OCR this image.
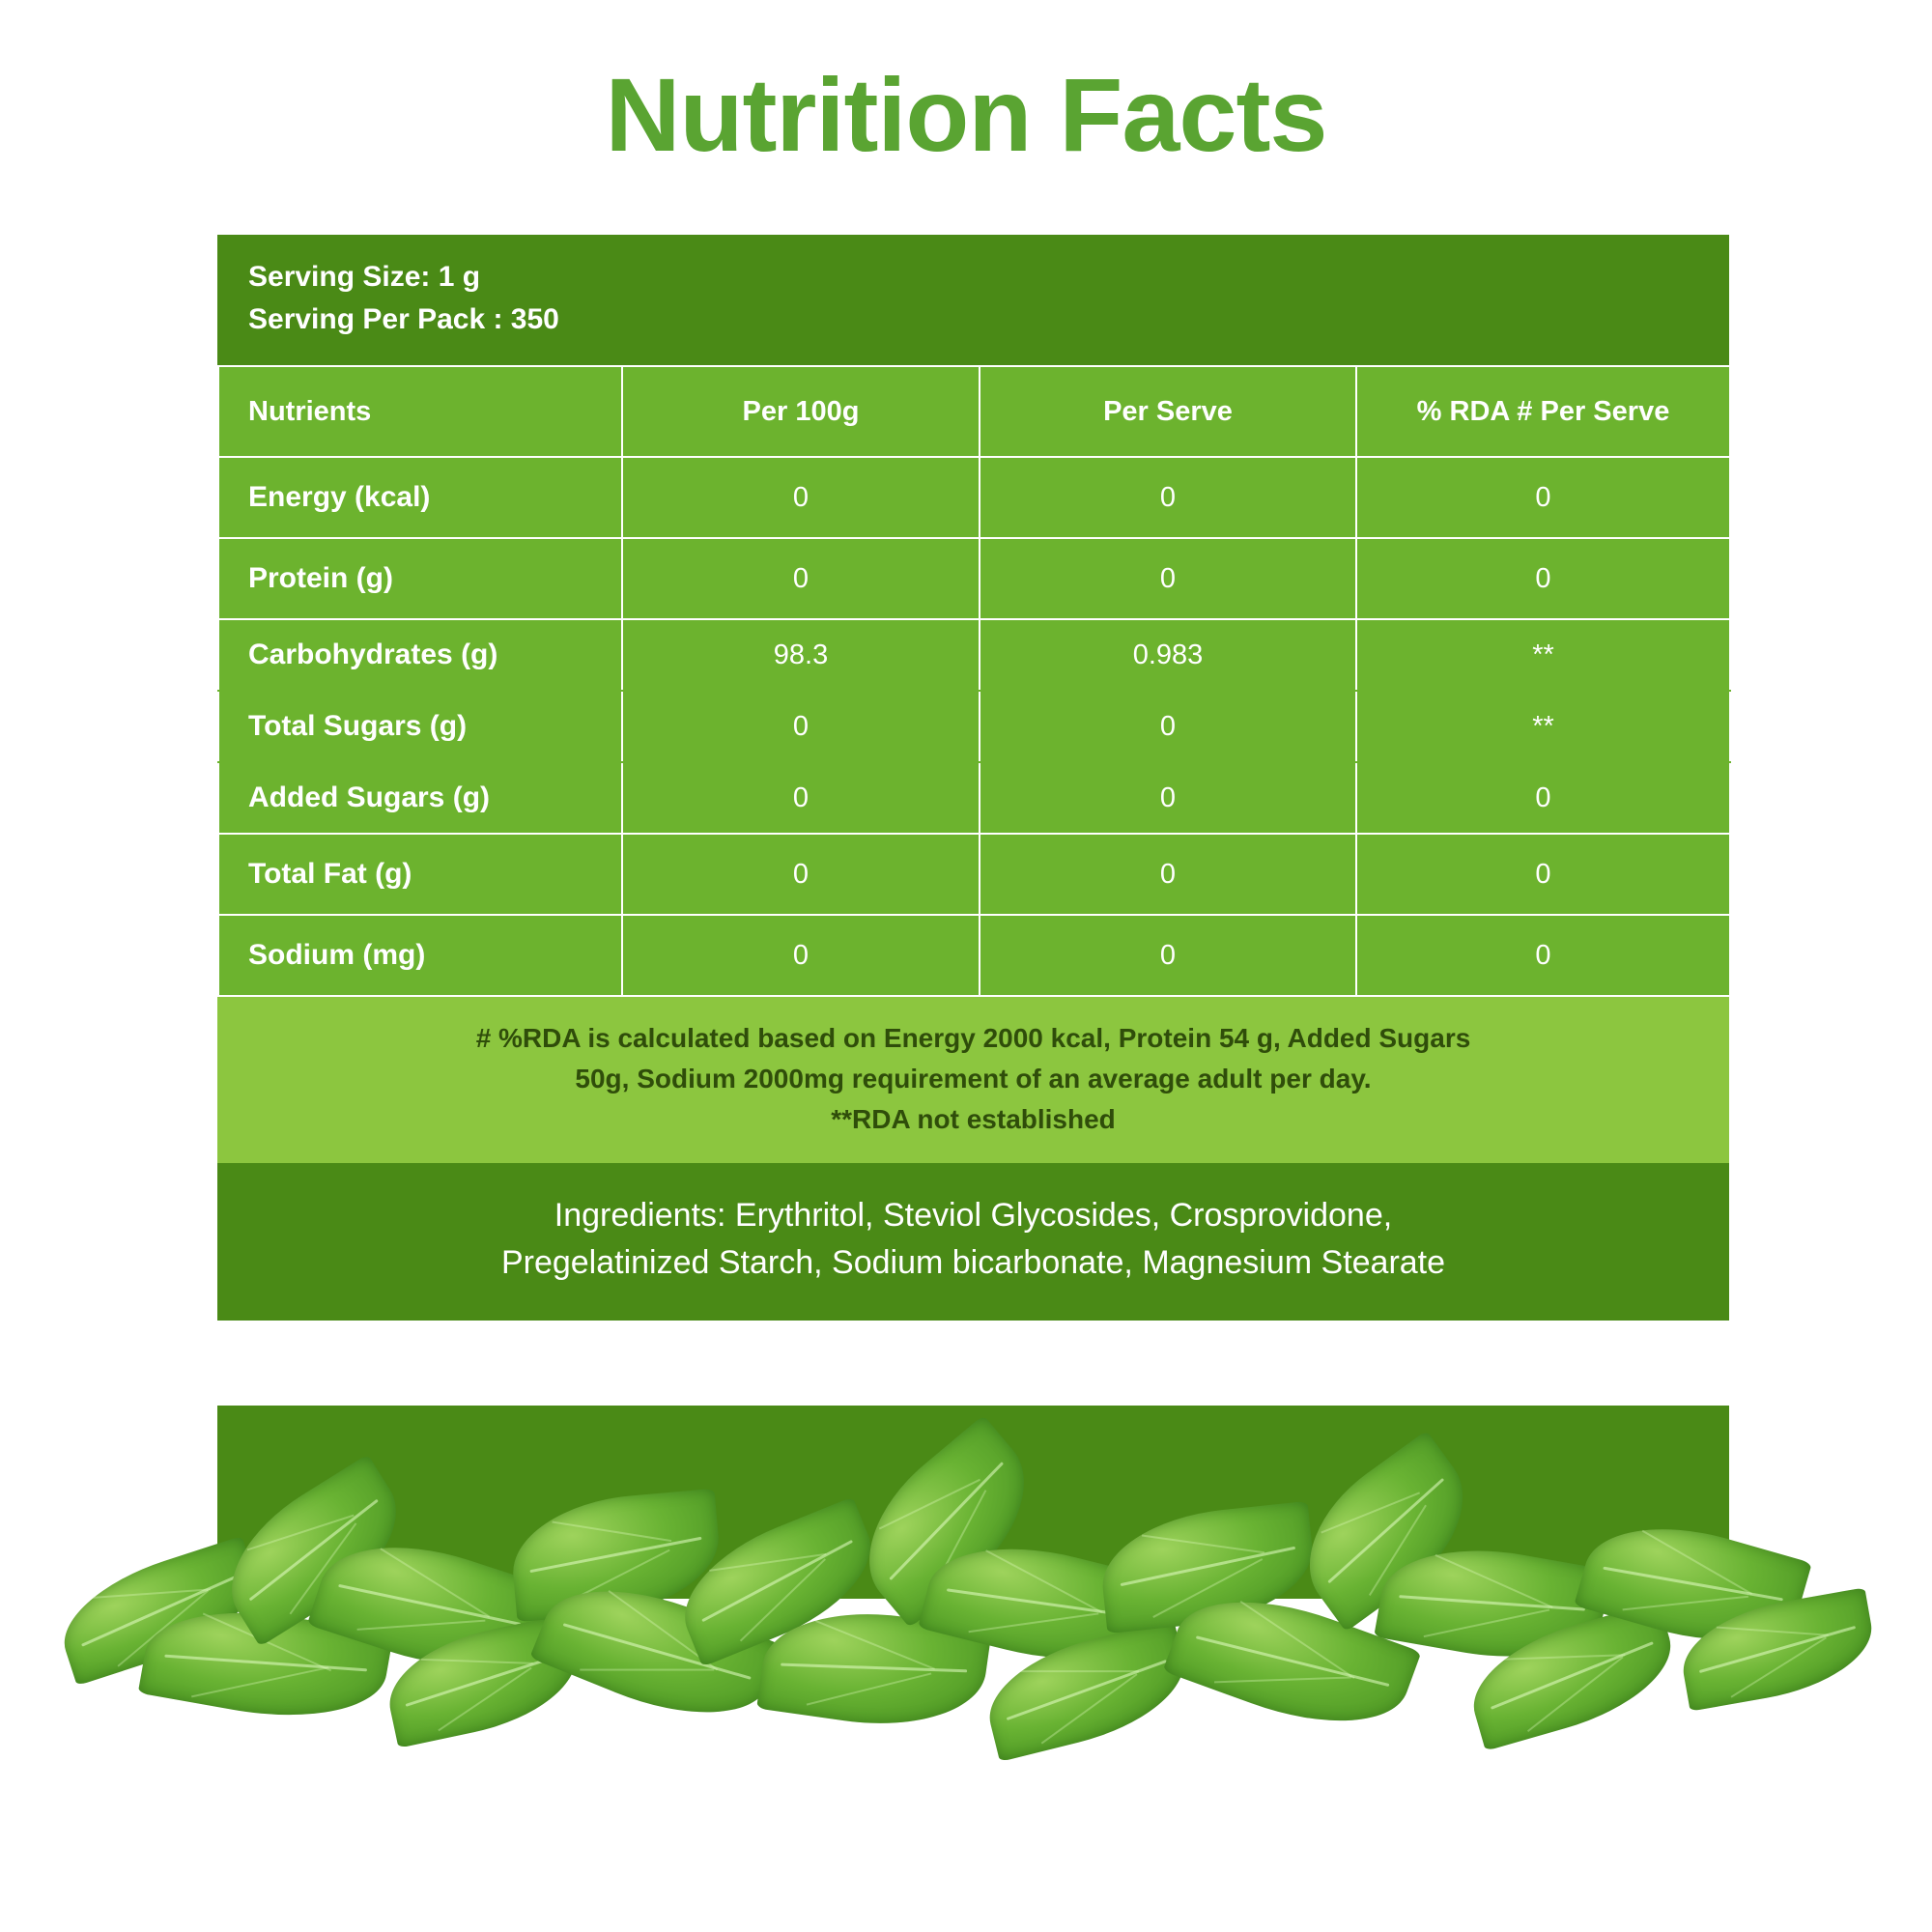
Nutrition Facts
Serving Size: 1 g
Serving Per Pack : 350
Nutrients	Per 100g	Per Serve	% RDA # Per Serve
Energy (kcal)	0	0	0
Protein (g)	0	0	0
Carbohydrates (g)	98.3	0.983	**
Total Sugars (g)	0	0	**
Added Sugars (g)	0	0	0
Total Fat (g)	0	0	0
Sodium (mg)	0	0	0
# %RDA is calculated based on Energy 2000 kcal, Protein 54 g, Added Sugars
50g, Sodium 2000mg requirement of an average adult per day.
**RDA not established
Ingredients: Erythritol, Steviol Glycosides, Crosprovidone,
Pregelatinized Starch, Sodium bicarbonate, Magnesium Stearate
